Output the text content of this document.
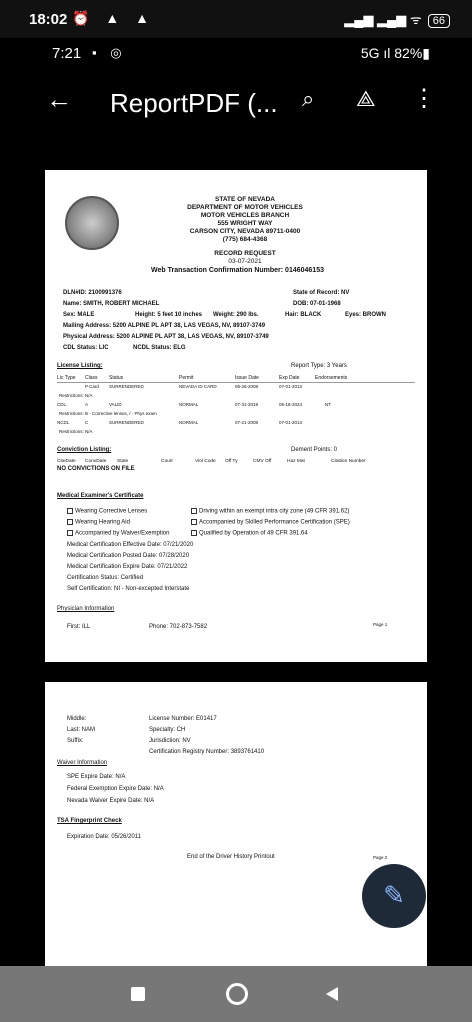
18:02 ⏰ ▲ ▲	▂▄▆ ▂▄▆ ᯤ 66
7:21 ▪ ◎	5G ıl 82%▮
← ReportPDF (... ⌕ ⟁ ⋮
STATE OF NEVADA
DEPARTMENT OF MOTOR VEHICLES
MOTOR VEHICLES BRANCH
555 WRIGHT WAY
CARSON CITY, NEVADA 89711-0400
(775) 684-4368
RECORD REQUEST
03-07-2021
Web Transaction Confirmation Number: 0146046153
DLN#ID: 2100991376	State of Record: NV
Name: SMITH, ROBERT MICHAEL	DOB: 07-01-1968
Sex: MALE	Height: 5 feet 10 inches Weight: 290 lbs.	Hair: BLACK	Eyes: BROWN
Mailing Address: 5200 ALPINE PL APT 38, LAS VEGAS, NV, 89107-3749
Physical Address: 5200 ALPINE PL APT 38, LAS VEGAS, NV, 89107-3749
CDL Status: LIC	NCDL Status: ELG
License Listing:	Report Type: 3 Years
Lic Type Class Status	Permit	Issue Date	Exp Date	Endorsements
P Card SURRENDERED	NEVADA ID CARD	05-26-2008	07-01-2013
Restrictions: N/A
CDL	A	VALID	NORMAL	07-31-2019	05-18-2024	NT
Restrictions: B - Corrective lenses, / - Phys exam
NCDL	C	SURRENDERED	NORMAL	07-21-2008	07-01-2013
Restrictions: N/A
Conviction Listing:	Demerit Points: 0
CiteDate ConvDate State	Court	Viol Code Off Ty	CMV Off	Haz Mat	Citation Number
NO CONVICTIONS ON FILE
Medical Examiner's Certificate
Wearing Corrective Lenses	Driving within an exempt intra city zone (49 CFR 391.62)
Wearing Hearing Aid	Accompanied by Skilled Performance Certification (SPE)
Accompanied by Waiver/Exemption	Qualified by Operation of 49 CFR 391.64
Medical Certification Effective Date: 07/21/2020
Medical Certification Posted Date: 07/28/2020
Medical Certification Expire Date: 07/21/2022
Certification Status: Certified
Self Certification: NI - Non-excepted Interstate
Physician Information
First: ILL	Phone: 702-873-7582	Page 1
Middle:	License Number: E01417
Last: NAM	Specialty: CH
Suffix:	Jurisdiction: NV
Certification Registry Number: 3893761410
Waiver Information
SPE Expire Date: N/A
Federal Exemption Expire Date: N/A
Nevada Waiver Expire Date: N/A
TSA Fingerprint Check
Expiration Date: 05/26/2011
End of the Driver History Printout	Page 2
✎
